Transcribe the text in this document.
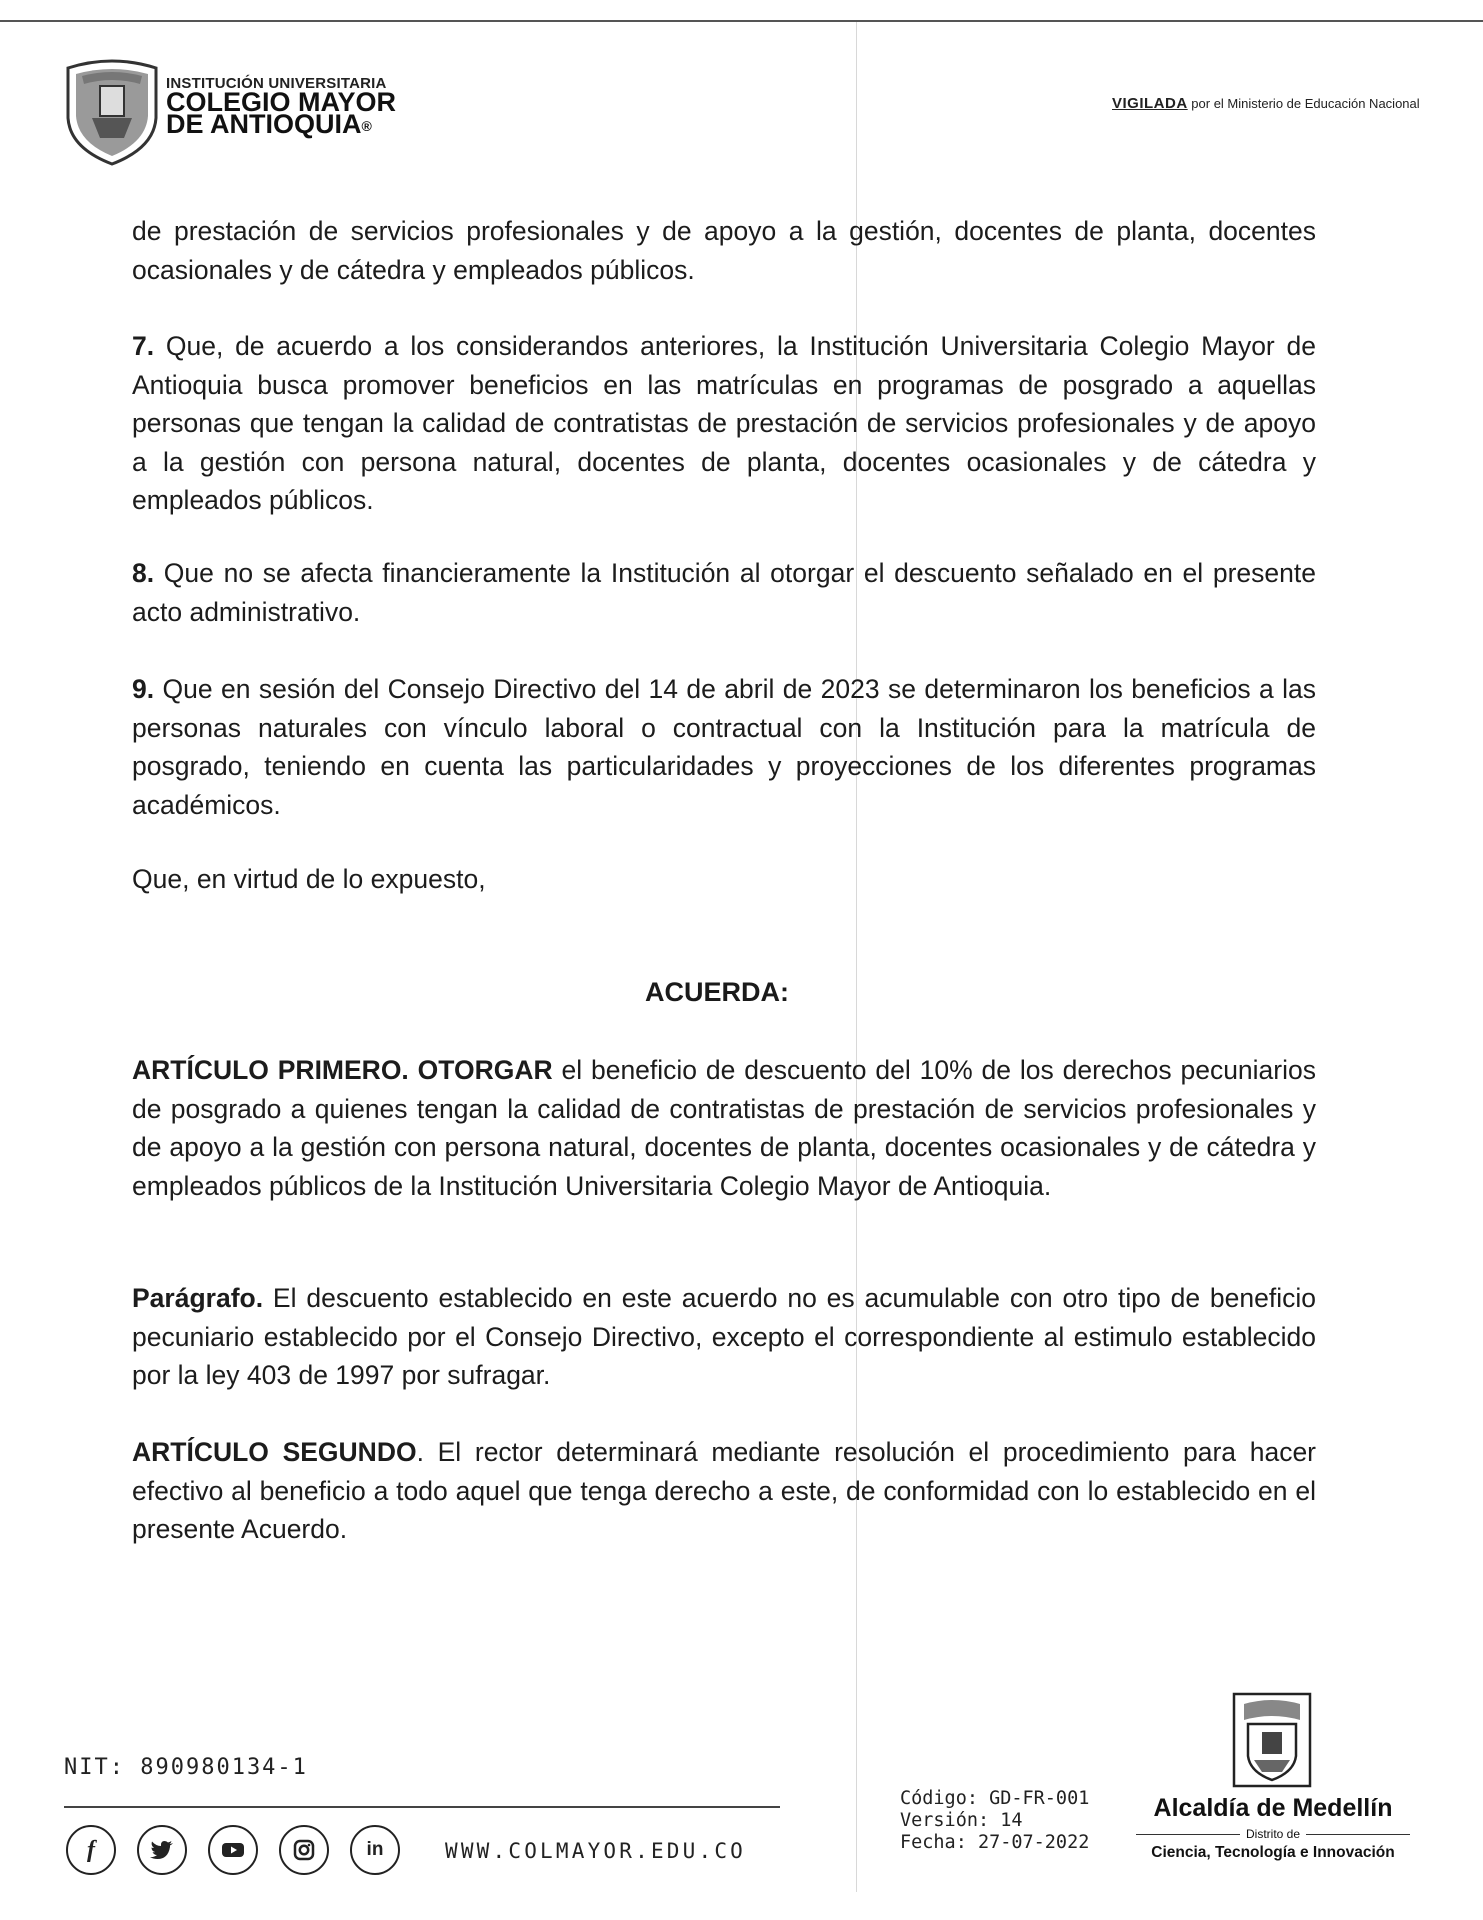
INSTITUCIÓN UNIVERSITARIA
COLEGIO MAYOR
DE ANTIOQUIA®
VIGILADA por el Ministerio de Educación Nacional

de prestación de servicios profesionales y de apoyo a la gestión, docentes de planta, docentes ocasionales y de cátedra y empleados públicos.

7. Que, de acuerdo a los considerandos anteriores, la Institución Universitaria Colegio Mayor de Antioquia busca promover beneficios en las matrículas en programas de posgrado a aquellas personas que tengan la calidad de contratistas de prestación de servicios profesionales y de apoyo a la gestión con persona natural, docentes de planta, docentes ocasionales y de cátedra y empleados públicos.

8. Que no se afecta financieramente la Institución al otorgar el descuento señalado en el presente acto administrativo.

9. Que en sesión del Consejo Directivo del 14 de abril de 2023 se determinaron los beneficios a las personas naturales con vínculo laboral o contractual con la Institución para la matrícula de posgrado, teniendo en cuenta las particularidades y proyecciones de los diferentes programas académicos.

Que, en virtud de lo expuesto,

ACUERDA:

ARTÍCULO PRIMERO. OTORGAR el beneficio de descuento del 10% de los derechos pecuniarios de posgrado a quienes tengan la calidad de contratistas de prestación de servicios profesionales y de apoyo a la gestión con persona natural, docentes de planta, docentes ocasionales y de cátedra y empleados públicos de la Institución Universitaria Colegio Mayor de Antioquia.

Parágrafo. El descuento establecido en este acuerdo no es acumulable con otro tipo de beneficio pecuniario establecido por el Consejo Directivo, excepto el correspondiente al estimulo establecido por la ley 403 de 1997 por sufragar.

ARTÍCULO SEGUNDO. El rector determinará mediante resolución el procedimiento para hacer efectivo al beneficio a todo aquel que tenga derecho a este, de conformidad con lo establecido en el presente Acuerdo.

NIT: 890980134-1
f	in	WWW.COLMAYOR.EDU.CO
Código: GD-FR-001
Versión: 14
Fecha: 27-07-2022
Alcaldía de Medellín
Distrito de
Ciencia, Tecnología e Innovación
